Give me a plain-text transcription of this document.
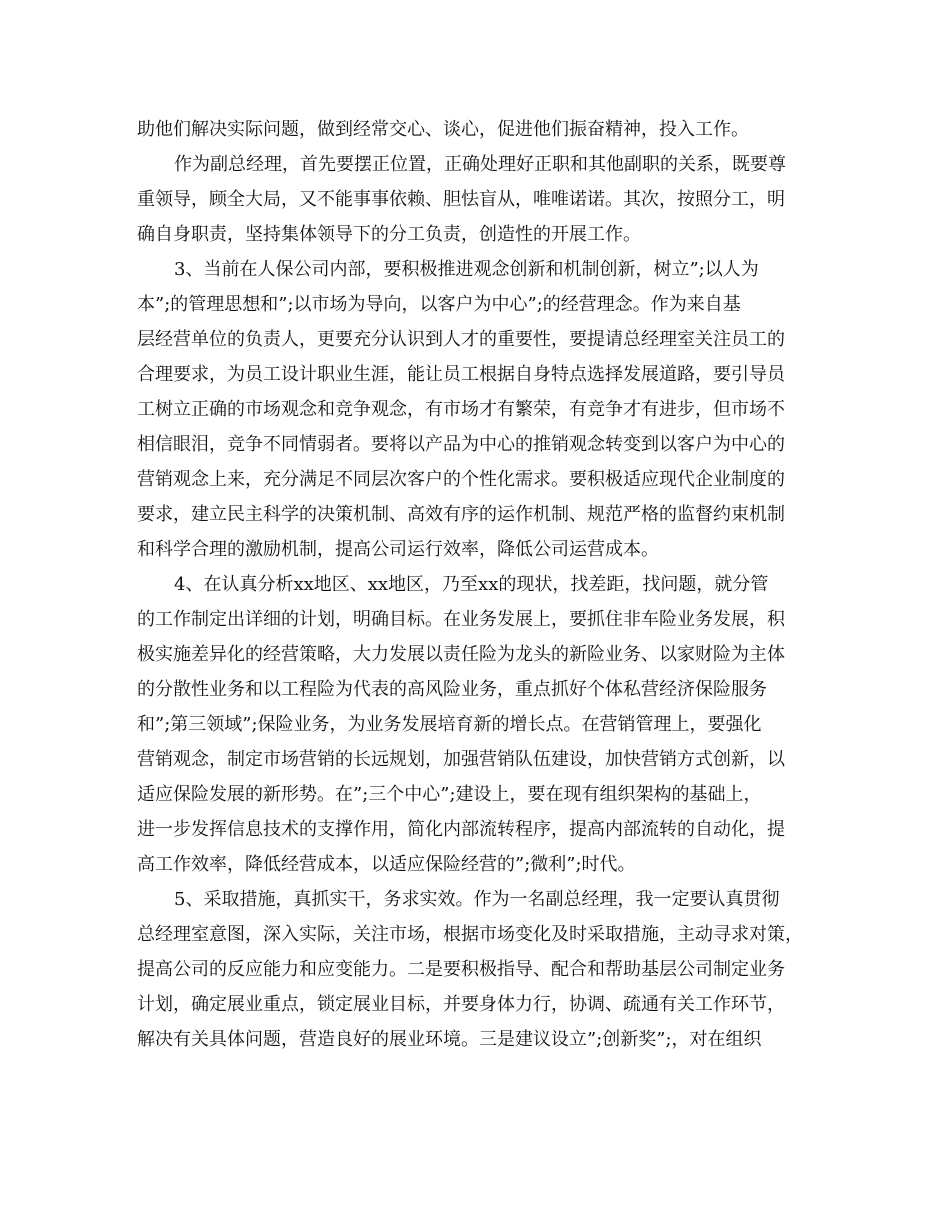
助他们解决实际问题，做到经常交心、谈心，促进他们振奋精神，投入工作。
作为副总经理，首先要摆正位置，正确处理好正职和其他副职的关系，既要尊
重领导，顾全大局，又不能事事依赖、胆怯盲从，唯唯诺诺。其次，按照分工，明
确自身职责，坚持集体领导下的分工负责，创造性的开展工作。
3、当前在人保公司内部，要积极推进观念创新和机制创新，树立”;以人为
本”;的管理思想和”;以市场为导向，以客户为中心”;的经营理念。作为来自基
层经营单位的负责人，更要充分认识到人才的重要性，要提请总经理室关注员工的
合理要求，为员工设计职业生涯，能让员工根据自身特点选择发展道路，要引导员
工树立正确的市场观念和竞争观念，有市场才有繁荣，有竞争才有进步，但市场不
相信眼泪，竞争不同情弱者。要将以产品为中心的推销观念转变到以客户为中心的
营销观念上来，充分满足不同层次客户的个性化需求。要积极适应现代企业制度的
要求，建立民主科学的决策机制、高效有序的运作机制、规范严格的监督约束机制
和科学合理的激励机制，提高公司运行效率，降低公司运营成本。
4、在认真分析xx地区、xx地区，乃至xx的现状，找差距，找问题，就分管
的工作制定出详细的计划，明确目标。在业务发展上，要抓住非车险业务发展，积
极实施差异化的经营策略，大力发展以责任险为龙头的新险业务、以家财险为主体
的分散性业务和以工程险为代表的高风险业务，重点抓好个体私营经济保险服务
和”;第三领域”;保险业务，为业务发展培育新的增长点。在营销管理上，要强化
营销观念，制定市场营销的长远规划，加强营销队伍建设，加快营销方式创新，以
适应保险发展的新形势。在”;三个中心”;建设上，要在现有组织架构的基础上，
进一步发挥信息技术的支撑作用，简化内部流转程序，提高内部流转的自动化，提
高工作效率，降低经营成本，以适应保险经营的”;微利”;时代。
5、采取措施，真抓实干，务求实效。作为一名副总经理，我一定要认真贯彻
总经理室意图，深入实际，关注市场，根据市场变化及时采取措施，主动寻求对策，
提高公司的反应能力和应变能力。二是要积极指导、配合和帮助基层公司制定业务
计划，确定展业重点，锁定展业目标，并要身体力行，协调、疏通有关工作环节，
解决有关具体问题，营造良好的展业环境。三是建议设立”;创新奖”;，对在组织
